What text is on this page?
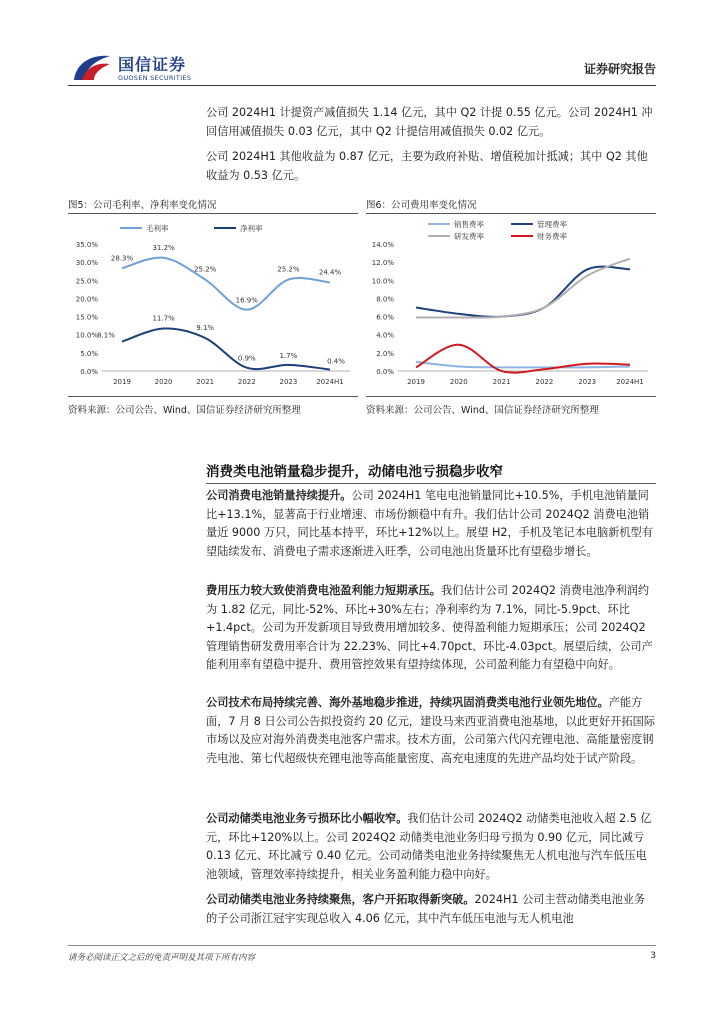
国信证券
GUOSEN SECURITIES
证券研究报告

公司 2024H1 计提资产减值损失 1.14 亿元，其中 Q2 计提 0.55 亿元。公司 2024H1 冲回信用减值损失 0.03 亿元，其中 Q2 计提信用减值损失 0.02 亿元。

公司 2024H1 其他收益为 0.87 亿元，主要为政府补贴、增值税加计抵减；其中 Q2 其他收益为 0.53 亿元。

图5：公司毛利率、净利率变化情况
0.0%
5.0%
10.0%
15.0%
20.0%
25.0%
30.0%
35.0%
2019	2020	2021	2022	2023	2024H1
毛利率	净利率
28.3%
31.2%
25.2%
16.9%
25.2%	24.4%
8.1%
11.7%
9.1%
0.9%	1.7%
0.4%
资料来源：公司公告、Wind、国信证券经济研究所整理
图6：公司费用率变化情况
0.0%
2.0%
4.0%
6.0%
8.0%
10.0%
12.0%
14.0%
2019	2020	2021	2022	2023	2024H1
销售费率	管理费率
研发费率	财务费率
资料来源：公司公告、Wind、国信证券经济研究所整理
消费类电池销量稳步提升，动储电池亏损稳步收窄

公司消费电池销量持续提升。公司 2024H1 笔电电池销量同比+10.5%，手机电池销量同比+13.1%，显著高于行业增速、市场份额稳中有升。我们估计公司 2024Q2 消费电池销量近 9000 万只，同比基本持平，环比+12%以上。展望 H2，手机及笔记本电脑新机型有望陆续发布、消费电子需求逐渐进入旺季，公司电池出货量环比有望稳步增长。

费用压力较大致使消费电池盈利能力短期承压。我们估计公司 2024Q2 消费电池净利润约为 1.82 亿元，同比-52%、环比+30%左右；净利率约为 7.1%，同比-5.9pct、环比+1.4pct。公司为开发新项目导致费用增加较多、使得盈利能力短期承压；公司 2024Q2 管理销售研发费用率合计为 22.23%、同比+4.70pct、环比-4.03pct。展望后续，公司产能利用率有望稳中提升、费用管控效果有望持续体现，公司盈利能力有望稳中向好。

公司技术布局持续完善、海外基地稳步推进，持续巩固消费类电池行业领先地位。产能方面，7 月 8 日公司公告拟投资约 20 亿元，建设马来西亚消费电池基地，以此更好开拓国际市场以及应对海外消费类电池客户需求。技术方面，公司第六代闪充锂电池、高能量密度钢壳电池、第七代超级快充锂电池等高能量密度、高充电速度的先进产品均处于试产阶段。

公司动储类电池业务亏损环比小幅收窄。我们估计公司 2024Q2 动储类电池收入超 2.5 亿元，环比+120%以上。公司 2024Q2 动储类电池业务归母亏损为 0.90 亿元，同比减亏 0.13 亿元、环比减亏 0.40 亿元。公司动储类电池业务持续聚焦无人机电池与汽车低压电池领域，管理效率持续提升，相关业务盈利能力稳中向好。

公司动储类电池业务持续聚焦，客户开拓取得新突破。2024H1 公司主营动储类电池业务的子公司浙江冠宇实现总收入 4.06 亿元，其中汽车低压电池与无人机电池

请务必阅读正文之后的免责声明及其项下所有内容	3
